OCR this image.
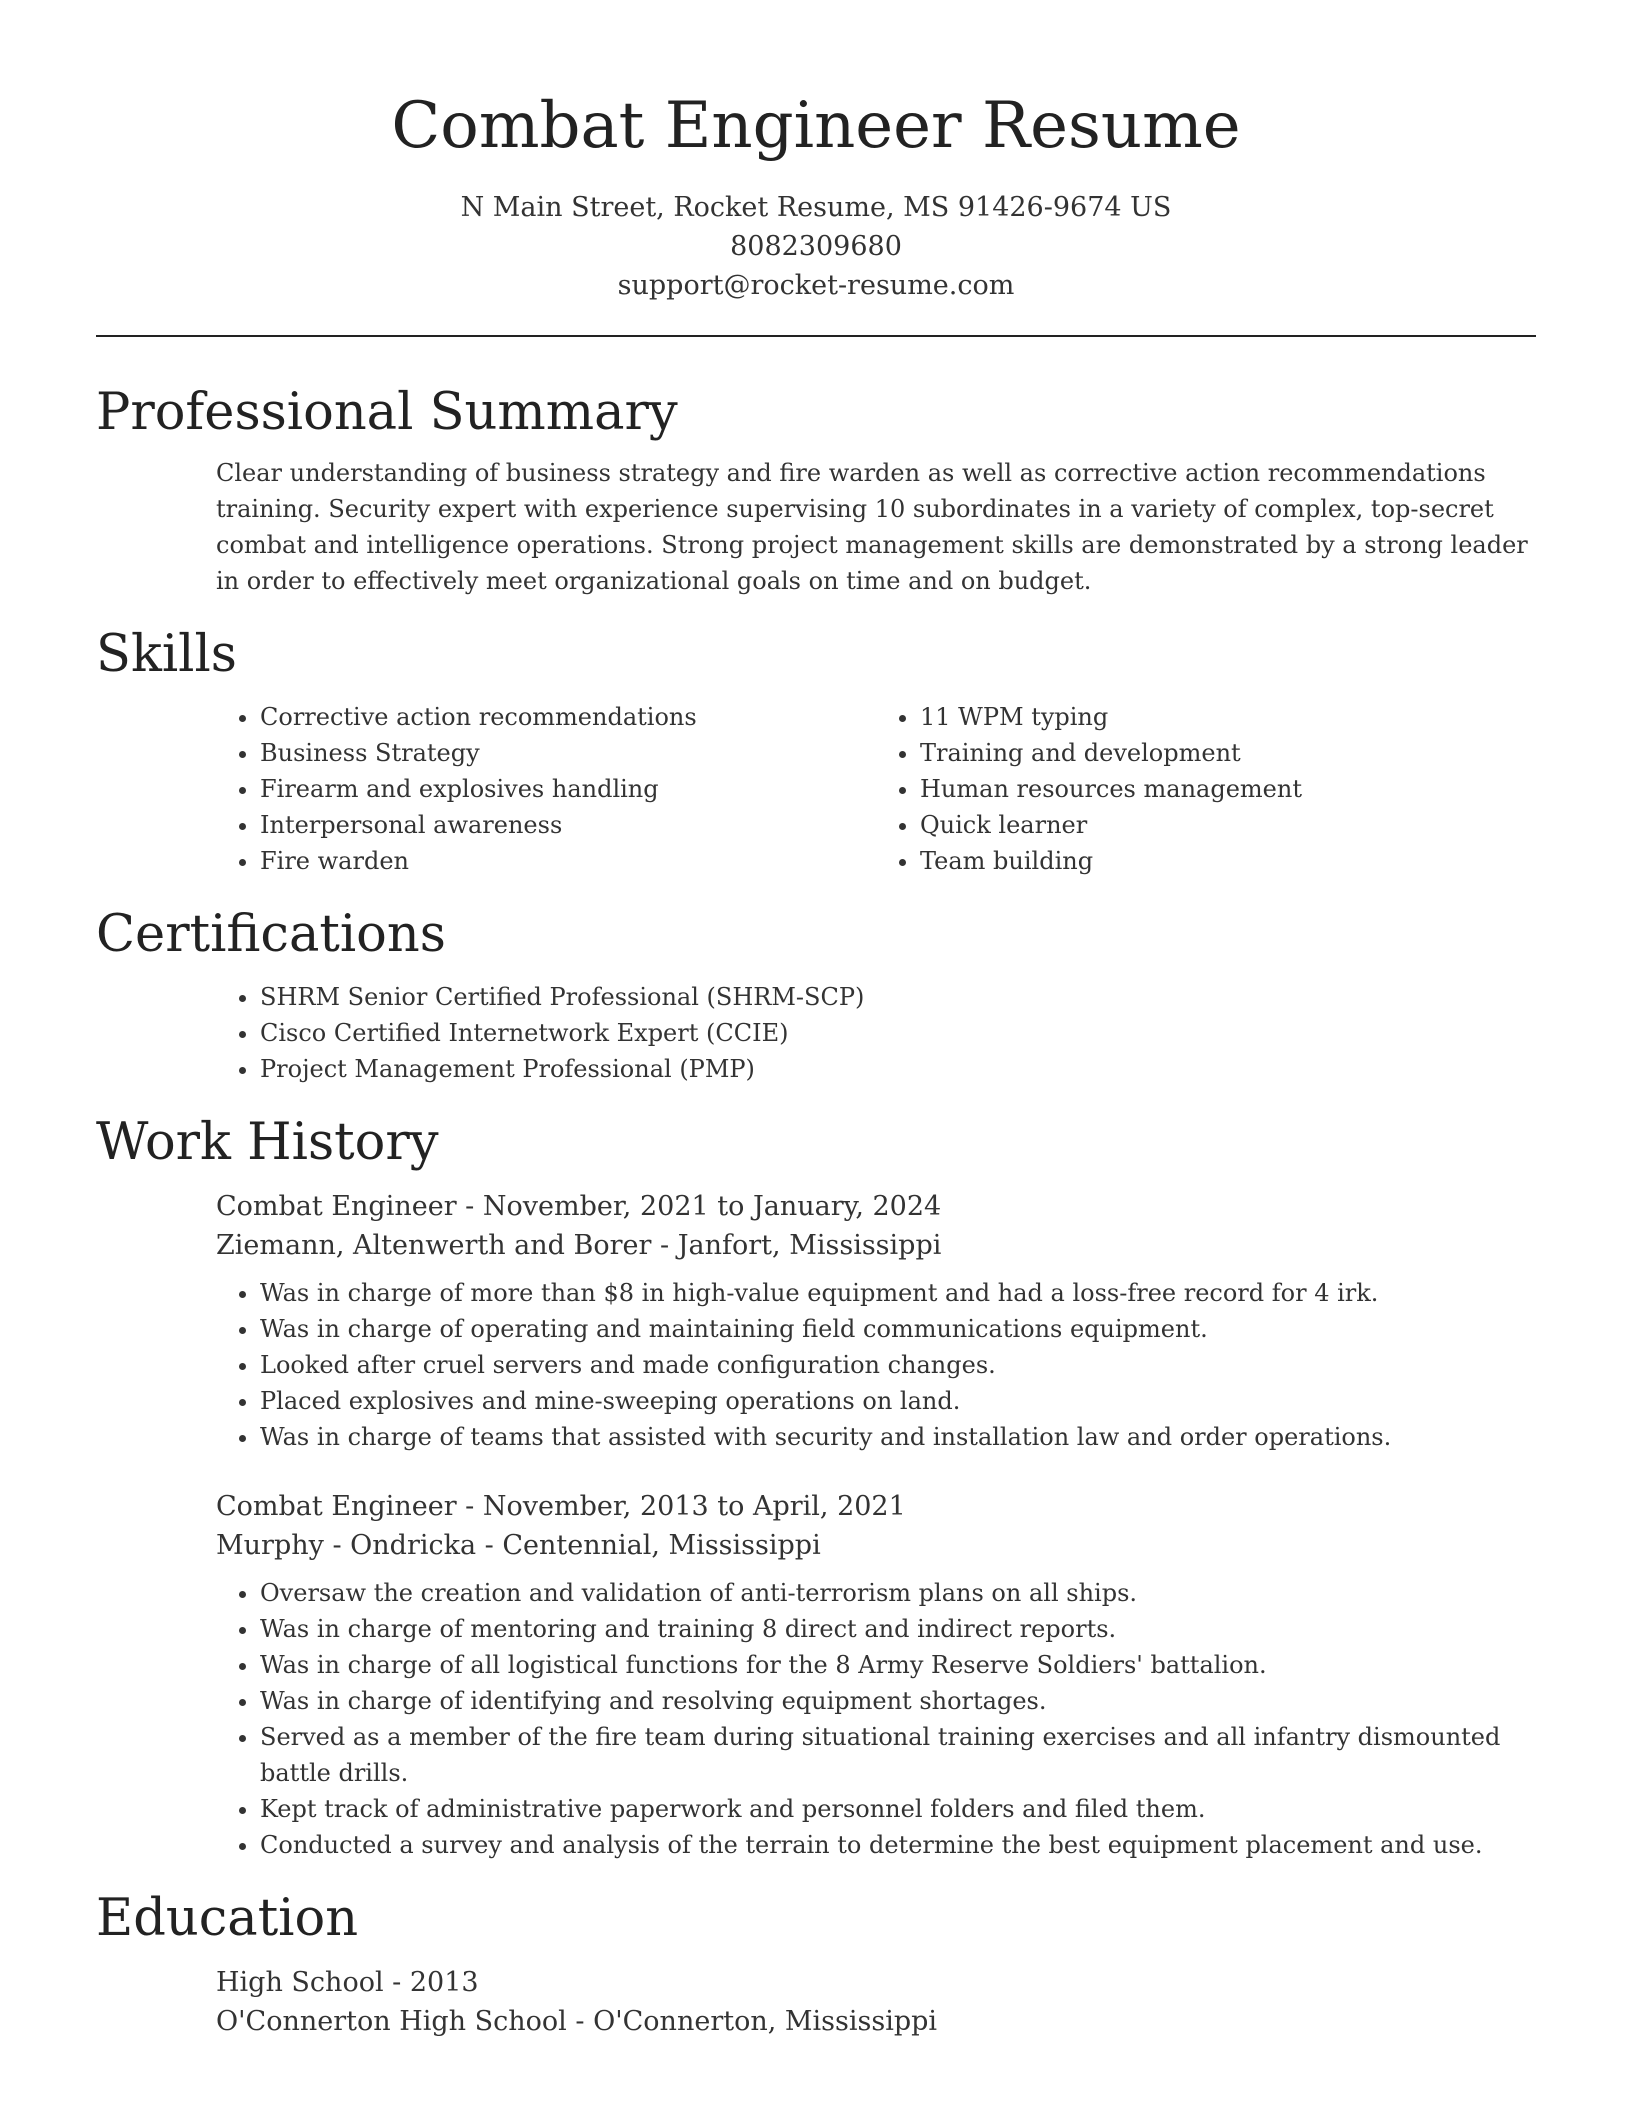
Combat Engineer Resume
N Main Street, Rocket Resume, MS 91426-9674 US
8082309680
support@rocket-resume.com
Professional Summary

Clear understanding of business strategy and fire warden as well as corrective action recommendations training. Security expert with experience supervising 10 subordinates in a variety of complex, top-secret combat and intelligence operations. Strong project management skills are demonstrated by a strong leader in order to effectively meet organizational goals on time and on budget.

Skills
• Corrective action recommendations
• Business Strategy
• Firearm and explosives handling
• Interpersonal awareness
• Fire warden
• 11 WPM typing
• Training and development
• Human resources management
• Quick learner
• Team building
Certifications
• SHRM Senior Certified Professional (SHRM-SCP)
• Cisco Certified Internetwork Expert (CCIE)
• Project Management Professional (PMP)
Work History
Combat Engineer - November, 2021 to January, 2024
Ziemann, Altenwerth and Borer - Janfort, Mississippi
• Was in charge of more than $8 in high-value equipment and had a loss-free record for 4 irk.
• Was in charge of operating and maintaining field communications equipment.
• Looked after cruel servers and made configuration changes.
• Placed explosives and mine-sweeping operations on land.
• Was in charge of teams that assisted with security and installation law and order operations.
Combat Engineer - November, 2013 to April, 2021
Murphy - Ondricka - Centennial, Mississippi
• Oversaw the creation and validation of anti-terrorism plans on all ships.
• Was in charge of mentoring and training 8 direct and indirect reports.
• Was in charge of all logistical functions for the 8 Army Reserve Soldiers' battalion.
• Was in charge of identifying and resolving equipment shortages.
• Served as a member of the fire team during situational training exercises and all infantry dismounted battle drills.
• Kept track of administrative paperwork and personnel folders and filed them.
• Conducted a survey and analysis of the terrain to determine the best equipment placement and use.
Education
High School - 2013
O'Connerton High School - O'Connerton, Mississippi
